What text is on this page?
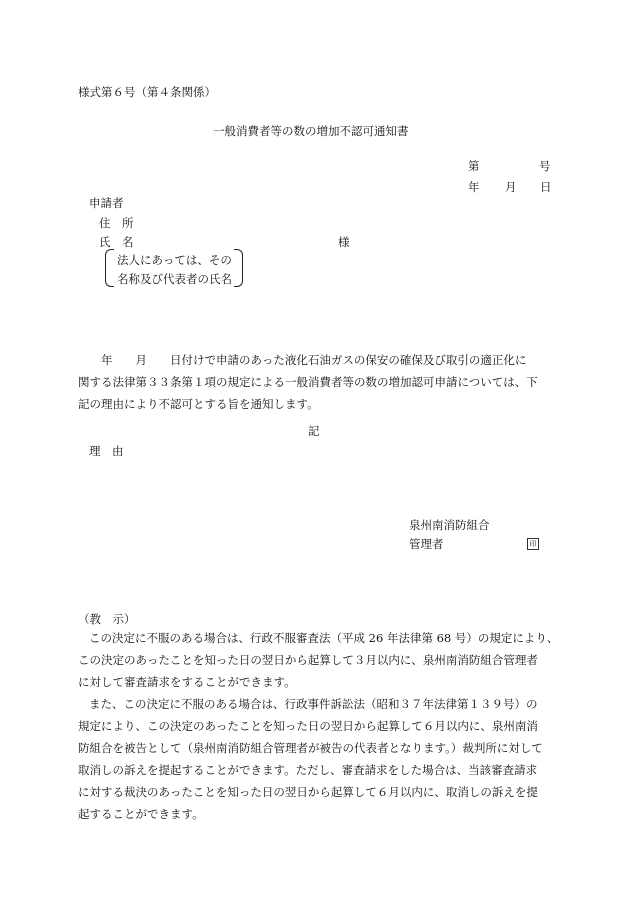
様式第６号（第４条関係）
一般消費者等の数の増加不認可通知書
第	号
年 月 日
申請者
住　所
氏　名	様
法人にあっては、その
名称及び代表者の氏名
　　年　　月　　日付けで申請のあった液化石油ガスの保安の確保及び取引の適正化に
関する法律第３３条第１項の規定による一般消費者等の数の増加認可申請については、下
記の理由により不認可とする旨を通知します。
記
理　由
泉州南消防組合
管理者	印
（教　示）
この決定に不服のある場合は、行政不服審査法（平成 26 年法律第 68 号）の規定により、
この決定のあったことを知った日の翌日から起算して３月以内に、泉州南消防組合管理者
に対して審査請求をすることができます。
また、この決定に不服のある場合は、行政事件訴訟法（昭和３７年法律第１３９号）の
規定により、この決定のあったことを知った日の翌日から起算して６月以内に、泉州南消
防組合を被告として（泉州南消防組合管理者が被告の代表者となります。）裁判所に対して
取消しの訴えを提起することができます。ただし、審査請求をした場合は、当該審査請求
に対する裁決のあったことを知った日の翌日から起算して６月以内に、取消しの訴えを提
起することができます。
